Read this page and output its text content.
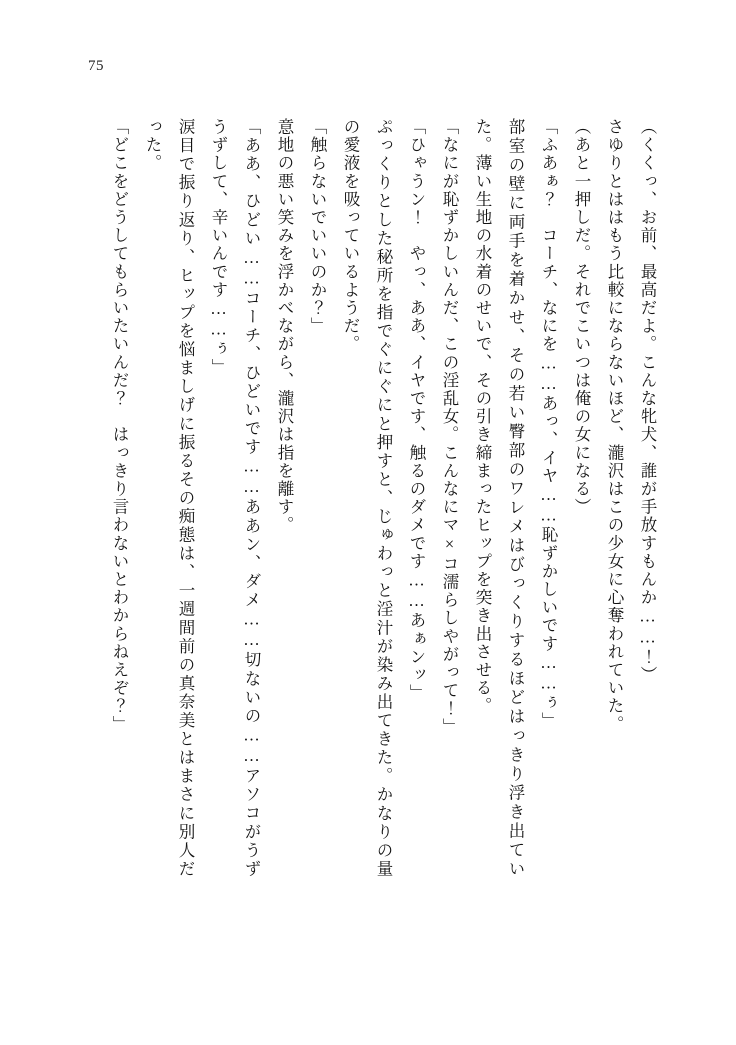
75

（くくっ、お前、最高だよ。こんな牝犬、誰が手放すもんか……！）

さゆりとははもう比較にならないほど、瀧沢はこの少女に心奪われていた。

（あと一押しだ。それでこいつは俺の女になる）

「ふあぁ？　コーチ、なにを……あっ、イヤ……恥ずかしいです……ぅ」

部室の壁に両手を着かせ、その若い臀部のワレメはびっくりするほどはっきり浮き出ていた。薄い生地の水着のせいで、その引き締まったヒップを突き出させる。

「なにが恥ずかしいんだ、この淫乱女。こんなにマ×コ濡らしやがって！」

「ひゃうン！　やっ、ああ、イヤです、触るのダメです……あぁンッ」

ぷっくりとした秘所を指でぐにぐにと押すと、じゅわっと淫汁が染み出てきた。かなりの量の愛液を吸っているようだ。

「触らないでいいのか？」

意地の悪い笑みを浮かべながら、瀧沢は指を離す。

「ああ、ひどい……コーチ、ひどいです……ああン、ダメ……切ないの……アソコがうずうずして、辛いんです……ぅ」

涙目で振り返り、ヒップを悩ましげに振るその痴態は、一週間前の真奈美とはまさに別人だった。

「どこをどうしてもらいたいんだ？　はっきり言わないとわからねえぞ？」
